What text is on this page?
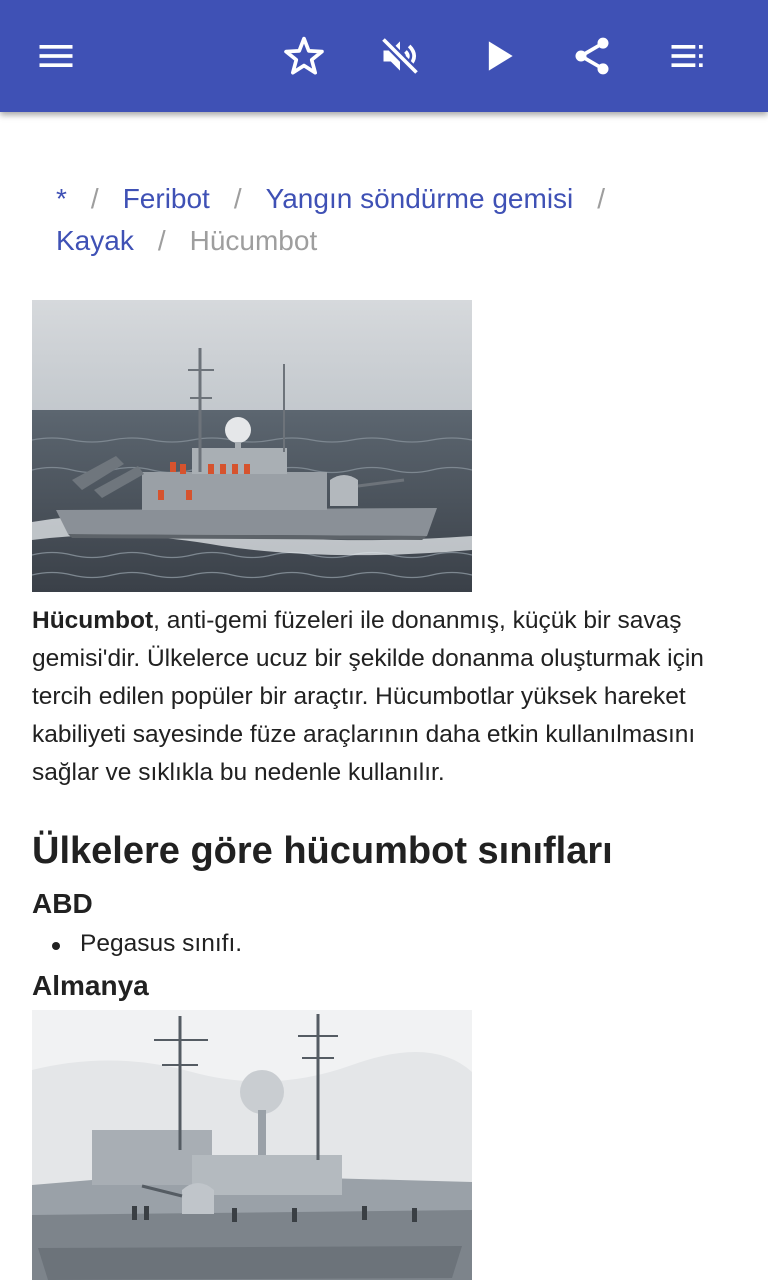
* / Feribot / Yangın söndürme gemisi /
Kayak / Hücumbot
Hücumbot, anti-gemi füzeleri ile donanmış, küçük bir savaş gemisi'dir. Ülkelerce ucuz bir şekilde donanma oluşturmak için tercih edilen popüler bir araçtır. Hücumbotlar yüksek hareket kabiliyeti sayesinde füze araçlarının daha etkin kullanılmasını sağlar ve sıklıkla bu nedenle kullanılır.
Ülkelere göre hücumbot sınıfları
ABD
Pegasus sınıfı.
Almanya
